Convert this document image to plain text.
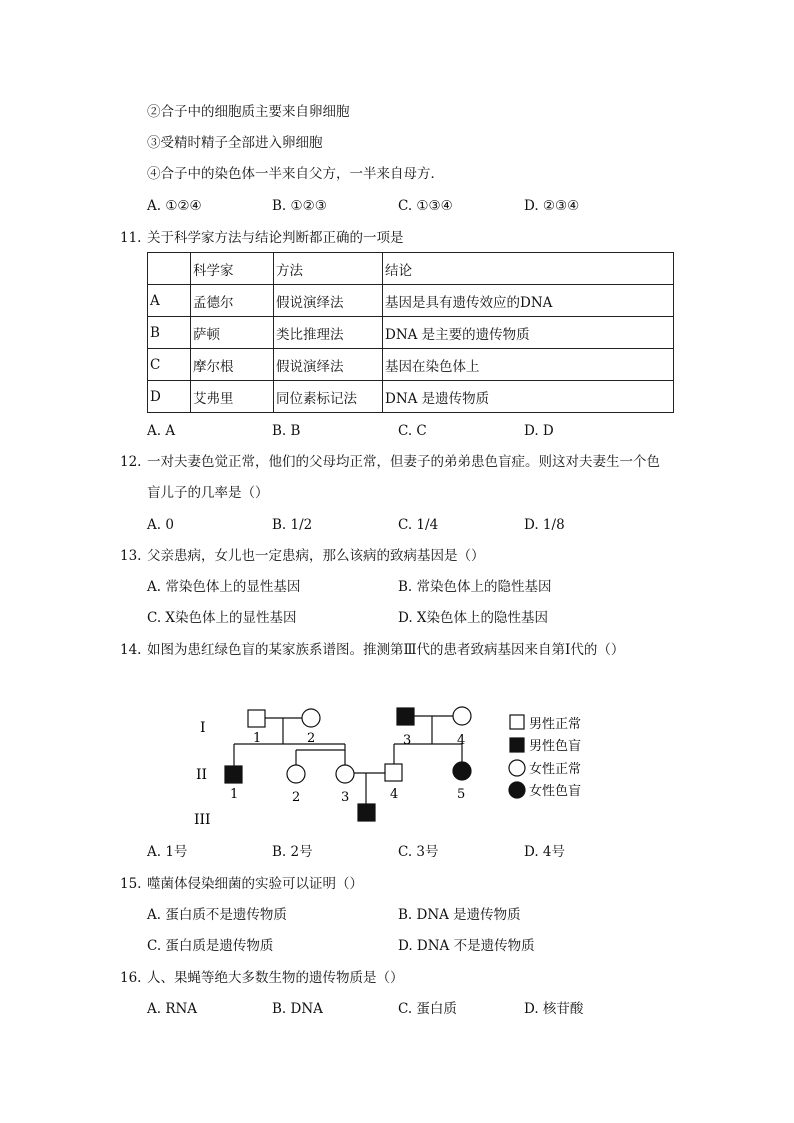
②合子中的细胞质主要来自卵细胞
③受精时精子全部进入卵细胞
④合子中的染色体一半来自父方，一半来自母方．
A. ①②④	B. ①②③	C. ①③④	D. ②③④
11. 关于科学家方法与结论判断都正确的一项是
	科学家	方法	结论
A	孟德尔	假说演绎法	基因是具有遗传效应的DNA
B	萨顿	类比推理法	DNA 是主要的遗传物质
C	摩尔根	假说演绎法	基因在染色体上
D	艾弗里	同位素标记法	DNA 是遗传物质
A. A	B. B	C. C	D. D
12. 一对夫妻色觉正常，他们的父母均正常，但妻子的弟弟患色盲症。则这对夫妻生一个色
盲儿子的几率是（）
A. 0	B. 1/2	C. 1/4	D. 1/8
13. 父亲患病，女儿也一定患病，那么该病的致病基因是（）
A. 常染色体上的显性基因	B. 常染色体上的隐性基因
C. X染色体上的显性基因	D. X染色体上的隐性基因
14. 如图为患红绿色盲的某家族系谱图。推测第Ⅲ代的患者致病基因来自第Ⅰ代的（）
I
II
III
1	2	3	4
1	2	3	4	5
男性正常
男性色盲
女性正常
女性色盲
A. 1号	B. 2号	C. 3号	D. 4号
15. 噬菌体侵染细菌的实验可以证明（）
A. 蛋白质不是遗传物质	B. DNA 是遗传物质
C. 蛋白质是遗传物质	D. DNA 不是遗传物质
16. 人、果蝇等绝大多数生物的遗传物质是（）
A. RNA	B. DNA	C. 蛋白质	D. 核苷酸
